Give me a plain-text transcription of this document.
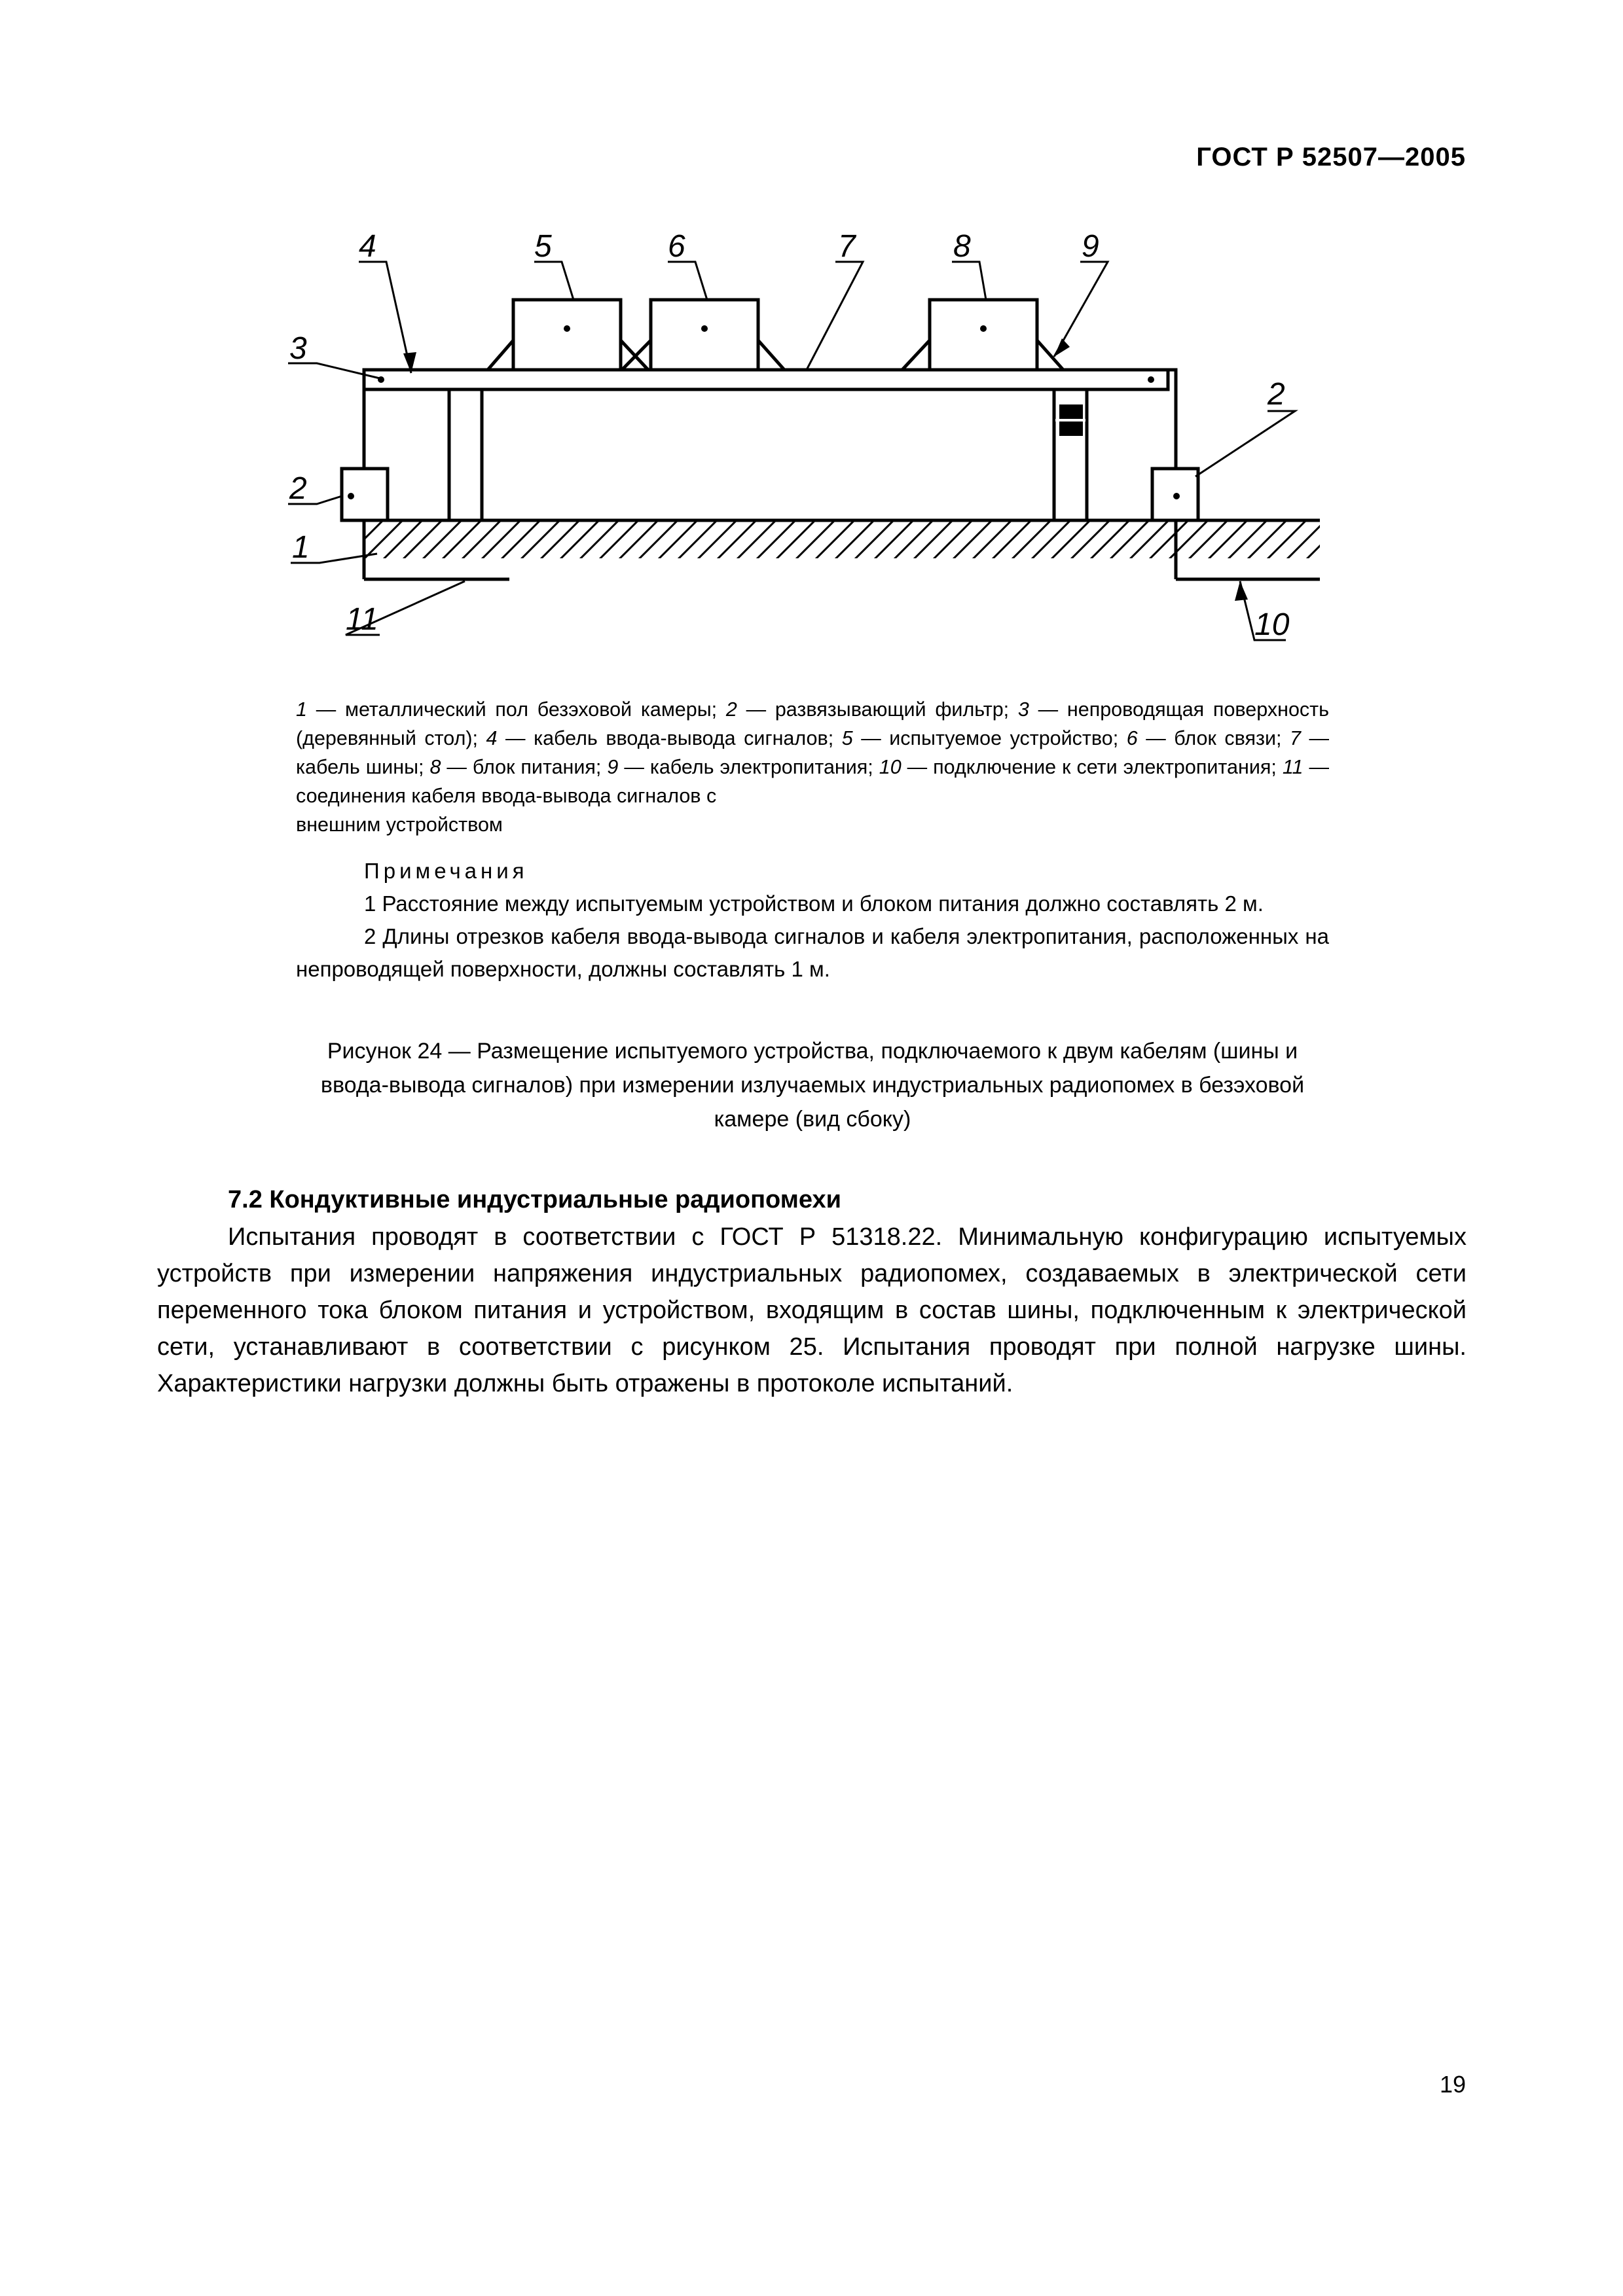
ГОСТ Р 52507—2005
4	5	6	7	8	9
3
2
2
1
11	10
1 — металлический пол безэховой камеры; 2 — развязывающий фильтр; 3 — непроводящая поверхность (деревянный стол); 4 — кабель ввода-вывода сигналов; 5 — испытуемое устройство; 6 — блок связи; 7 — кабель шины; 8 — блок питания; 9 — кабель электропитания; 10 — подключение к сети электропитания; 11 — соединения кабеля ввода-вывода сигналов с
внешним устройством
Примечания

1 Расстояние между испытуемым устройством и блоком питания должно составлять 2 м.

2 Длины отрезков кабеля ввода-вывода сигналов и кабеля электропитания, расположенных на непроводящей поверхности, должны составлять 1 м.

Рисунок 24 — Размещение испытуемого устройства, подключаемого к двум кабелям (шины и ввода-вывода сигналов) при измерении излучаемых индустриальных радиопомех в безэховой камере (вид сбоку)
7.2 Кондуктивные индустриальные радиопомехи

Испытания проводят в соответствии с ГОСТ Р 51318.22. Минимальную конфигурацию испытуемых устройств при измерении напряжения индустриальных радиопомех, создаваемых в электрической сети переменного тока блоком питания и устройством, входящим в состав шины, подключенным к электрической сети, устанавливают в соответствии с рисунком 25. Испытания проводят при полной нагрузке шины. Характеристики нагрузки должны быть отражены в протоколе испытаний.

19
